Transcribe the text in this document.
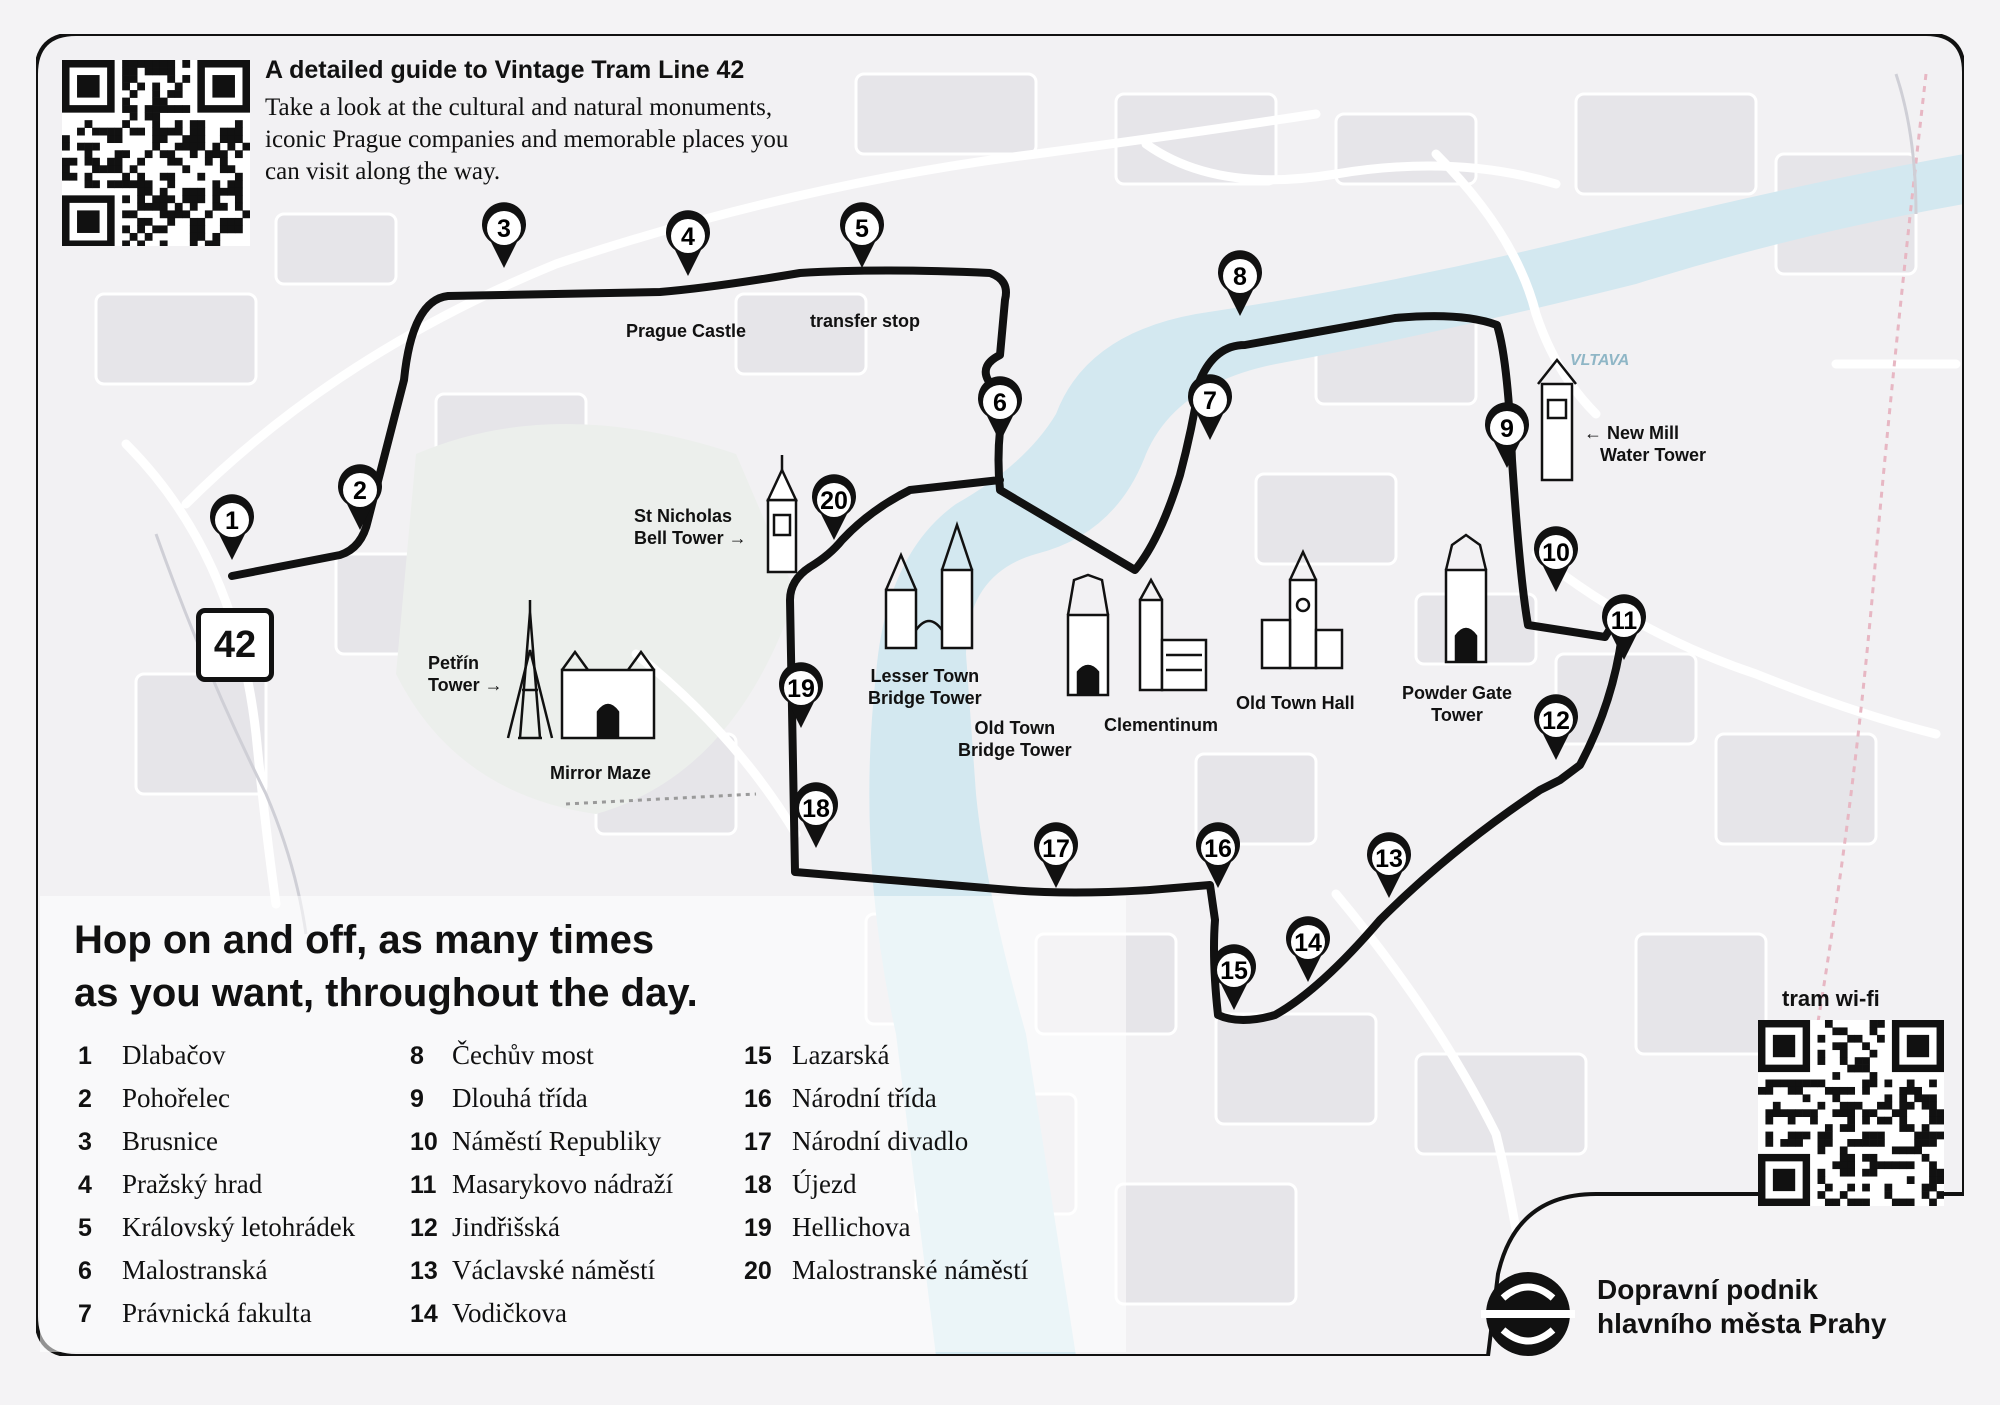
1
2
3	4	5
6	7
8
9
10
11
12
13
14
15
16
17
18
19
20
A detailed guide to Vintage Tram Line 42
Take a look at the cultural and natural monuments, iconic Prague companies and memorable places you can visit along the way.
42
Prague Castle	transfer stop
St Nicholas
Bell Tower →
Petřín
Tower →
Mirror Maze
Lesser Town
Bridge Tower
Old Town
Bridge Tower
Clementinum
Old Town Hall	Powder Gate
Tower
← New Mill
Water Tower
VLTAVA
Hop on and off, as many times
as you want, throughout the day.
1 Dlabačov
2 Pohořelec
3 Brusnice
4 Pražský hrad
5 Královský letohrádek
6 Malostranská
7 Právnická fakulta
8 Čechův most
9 Dlouhá třída
10 Náměstí Republiky
11 Masarykovo nádraží
12 Jindřišská
13 Václavské náměstí
14 Vodičkova
15 Lazarská
16 Národní třída
17 Národní divadlo
18 Újezd
19 Hellichova
20 Malostranské náměstí
tram wi-fi
Dopravní podnik
hlavního města Prahy
